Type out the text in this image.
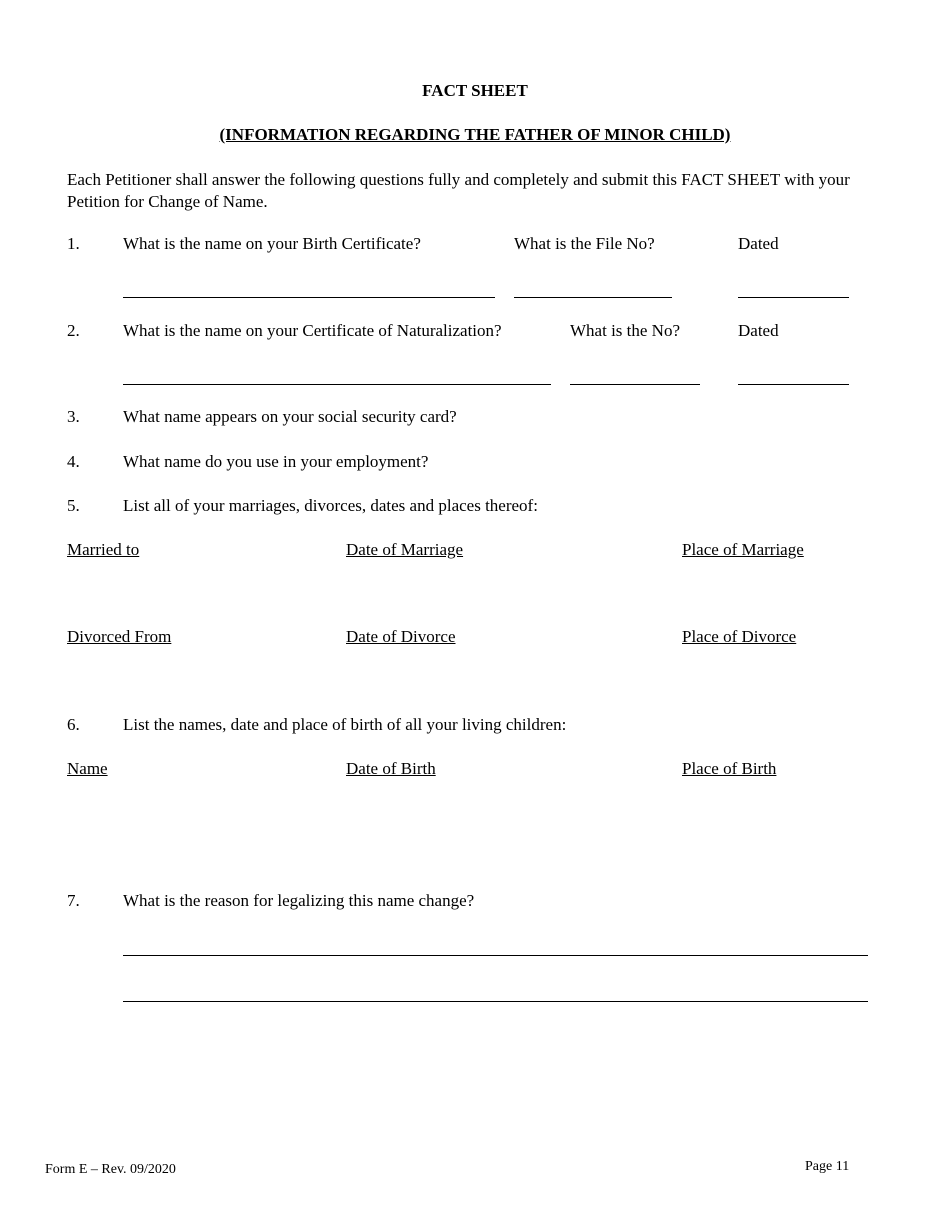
FACT SHEET
(INFORMATION REGARDING THE FATHER OF MINOR CHILD)
Each Petitioner shall answer the following questions fully and completely and submit this FACT SHEET with your Petition for Change of Name.
1.	What is the name on your Birth Certificate?	What is the File No?	Dated
2.	What is the name on your Certificate of Naturalization?	What is the No?	Dated
3.	What name appears on your social security card?
4.	What name do you use in your employment?
5.	List all of your marriages, divorces, dates and places thereof:
Married to	Date of Marriage	Place of Marriage
Divorced From	Date of Divorce	Place of Divorce
6.	List the names, date and place of birth of all your living children:
Name	Date of Birth	Place of Birth
7.	What is the reason for legalizing this name change?
Form E – Rev. 09/2020	Page 11
